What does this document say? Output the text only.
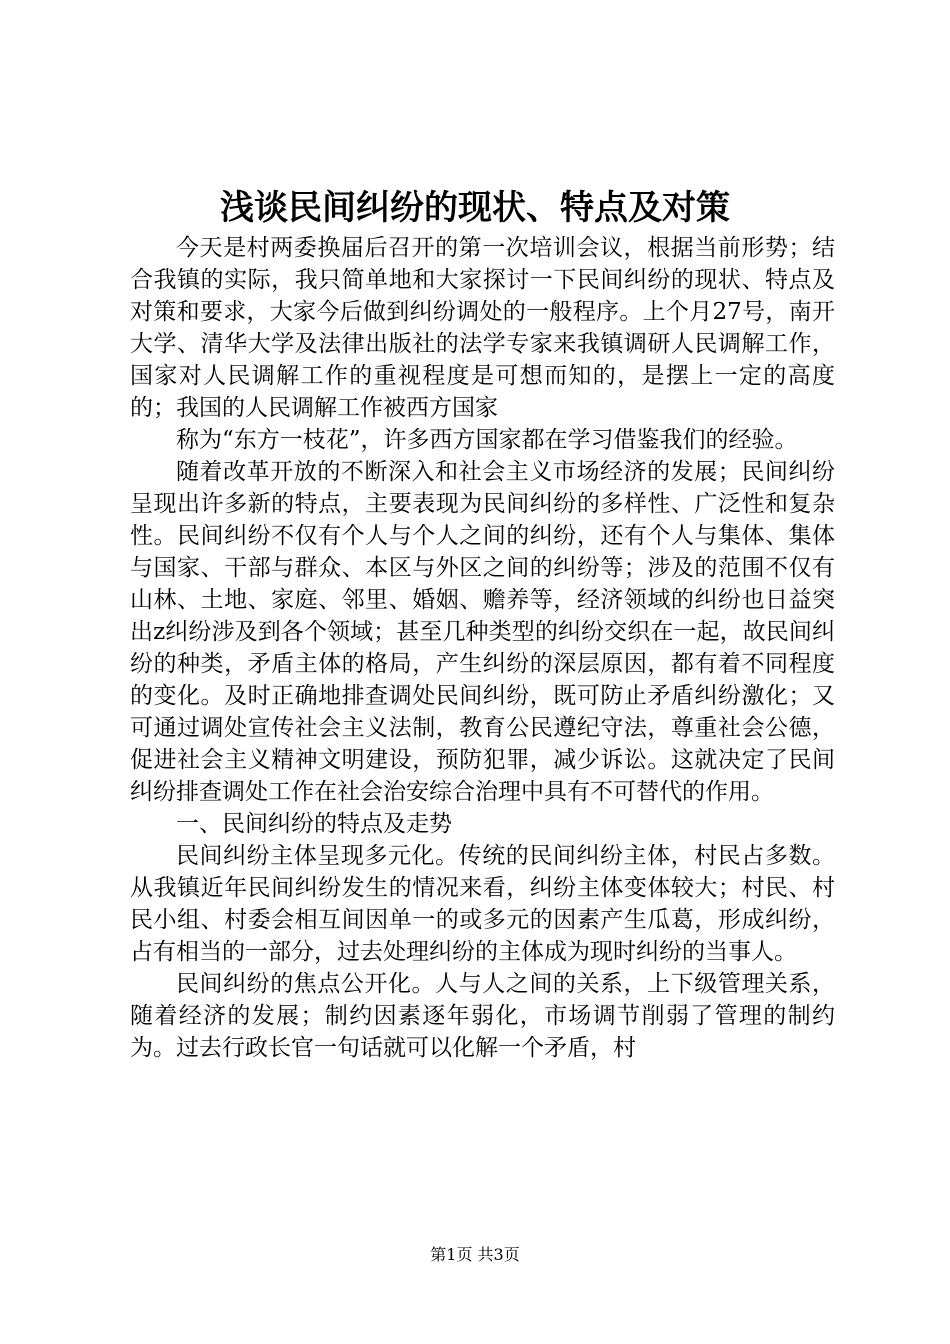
浅谈民间纠纷的现状、特点及对策

今天是村两委换届后召开的第一次培训会议，根据当前形势；结合我镇的实际，我只简单地和大家探讨一下民间纠纷的现状、特点及对策和要求，大家今后做到纠纷调处的一般程序。上个月27号，南开大学、清华大学及法律出版社的法学专家来我镇调研人民调解工作，国家对人民调解工作的重视程度是可想而知的，是摆上一定的高度的；我国的人民调解工作被西方国家

称为“东方一枝花”，许多西方国家都在学习借鉴我们的经验。

随着改革开放的不断深入和社会主义市场经济的发展；民间纠纷呈现出许多新的特点，主要表现为民间纠纷的多样性、广泛性和复杂性。民间纠纷不仅有个人与个人之间的纠纷，还有个人与集体、集体与国家、干部与群众、本区与外区之间的纠纷等；涉及的范围不仅有山林、土地、家庭、邻里、婚姻、赡养等，经济领域的纠纷也日益突出z纠纷涉及到各个领域；甚至几种类型的纠纷交织在一起，故民间纠纷的种类，矛盾主体的格局，产生纠纷的深层原因，都有着不同程度的变化。及时正确地排查调处民间纠纷，既可防止矛盾纠纷激化；又可通过调处宣传社会主义法制，教育公民遵纪守法，尊重社会公德，促进社会主义精神文明建设，预防犯罪，减少诉讼。这就决定了民间纠纷排查调处工作在社会治安综合治理中具有不可替代的作用。

一、民间纠纷的特点及走势

民间纠纷主体呈现多元化。传统的民间纠纷主体，村民占多数。从我镇近年民间纠纷发生的情况来看，纠纷主体变体较大；村民、村民小组、村委会相互间因单一的或多元的因素产生瓜葛，形成纠纷，占有相当的一部分，过去处理纠纷的主体成为现时纠纷的当事人。

民间纠纷的焦点公开化。人与人之间的关系，上下级管理关系，随着经济的发展；制约因素逐年弱化，市场调节削弱了管理的制约为。过去行政长官一句话就可以化解一个矛盾，村

第1页 共3页
